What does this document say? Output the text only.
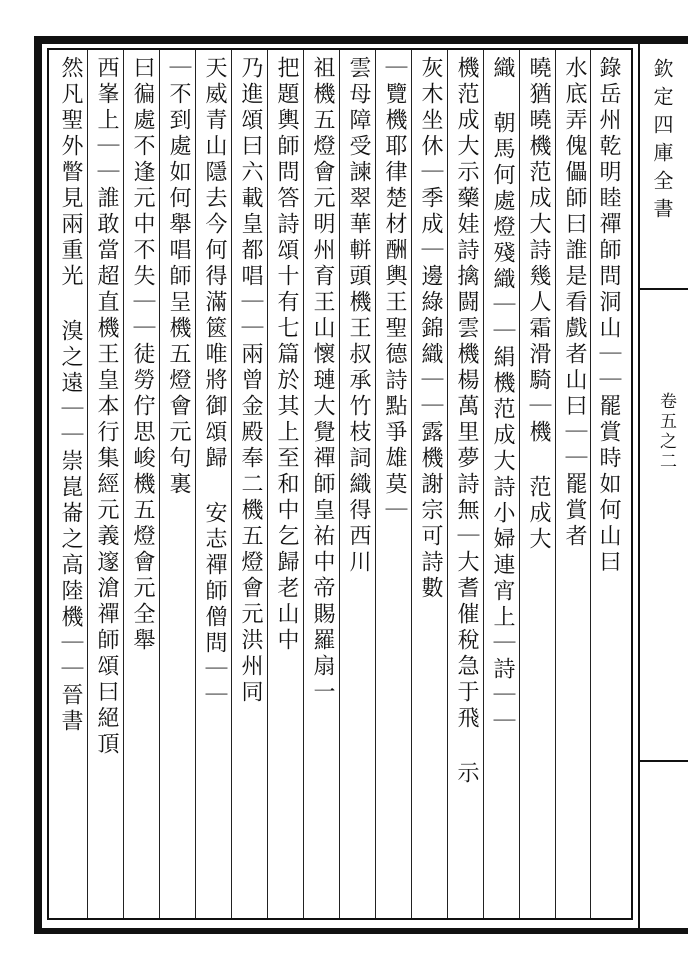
欽定四庫全書
卷五之二
錄岳州乾明睦禪師問洞山｜｜罷賞時如何山曰
水底弄傀儡師曰誰是看戲者山曰｜｜罷賞者
曉猶曉機范成大詩幾人霜滑騎｜機 范成大
織 朝馬何處燈殘織｜｜絹機范成大詩小婦連宵上｜詩｜｜
機范成大示藥娃詩擒闘雲機楊萬里夢詩無｜大耆催稅急于飛 示
灰木坐休｜季成｜邊綠錦織｜｜露機謝宗可詩數
｜覽機耶律楚材酬輿王聖德詩點爭雄莫｜
雲母障受諫翠華軿頭機王叔承竹枝詞織得西川
祖機五燈會元明州育王山懷璉大覺禪師皇祐中帝賜羅扇一
把題輿師問答詩頌十有七篇於其上至和中乞歸老山中
乃進頌曰六載皇都唱｜｜兩曾金殿奉二機五燈會元洪州同
天威青山隱去今何得滿篋唯將御頌歸 安志禪師僧問｜｜
｜不到處如何舉唱師呈機五燈會元句裏
曰徧處不逢元中不失｜｜徒勞佇思峻機五燈會元全舉
西峯上｜｜誰敢當超直機王皇本行集經元義邃滄禪師頌曰絕頂
然凡聖外瞥見兩重光 溴之遠｜｜崇崑崙之高陸機｜｜晉書
